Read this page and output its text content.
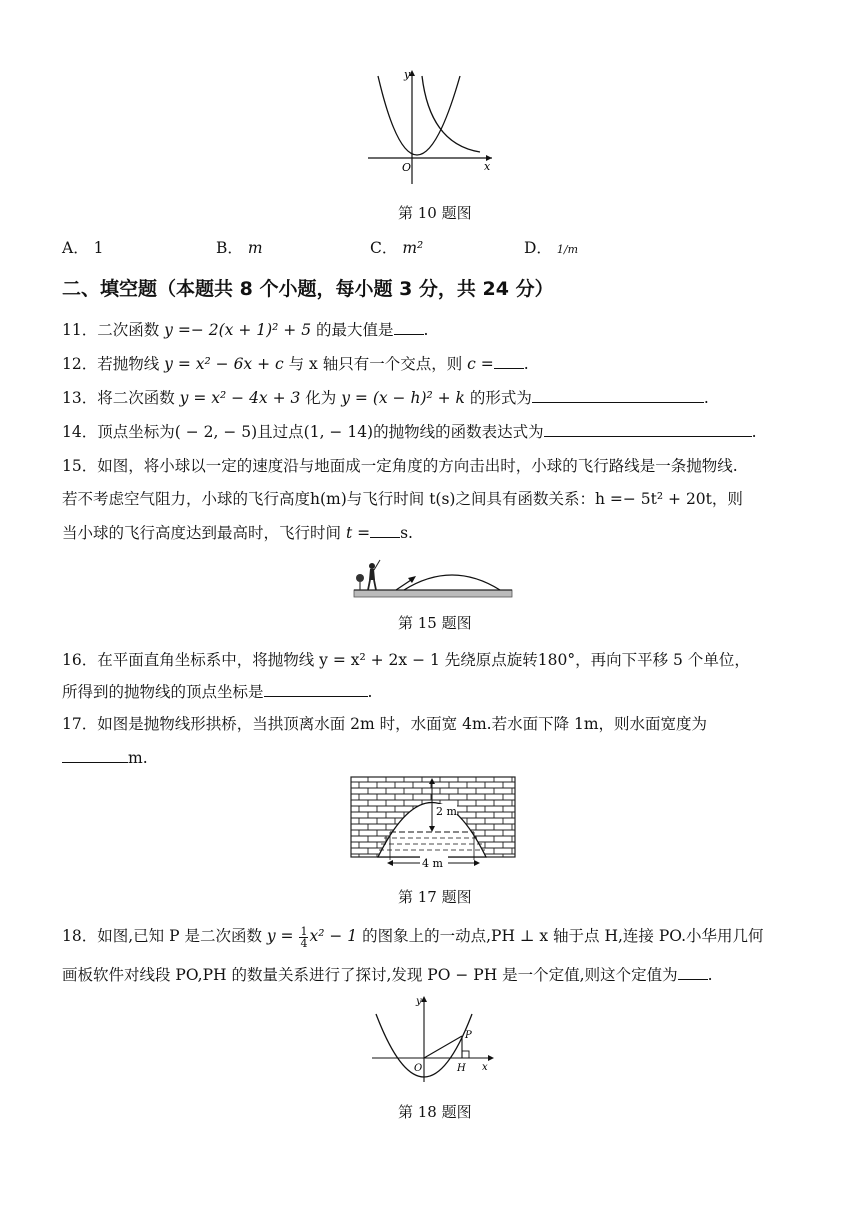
y
x
O
第 10 题图
A． 1	B． m	C． m²	D． 1/m
二、填空题（本题共 8 个小题，每小题 3 分，共 24 分）
11．二次函数 y =− 2(x + 1)² + 5 的最大值是 .
12．若抛物线 y = x² − 6x + c 与 x 轴只有一个交点，则 c = .
13．将二次函数 y = x² − 4x + 3 化为 y = (x − h)² + k 的形式为	.
14．顶点坐标为( − 2, − 5)且过点(1, − 14)的抛物线的函数表达式为	.
15．如图，将小球以一定的速度沿与地面成一定角度的方向击出时，小球的飞行路线是一条抛物线.
若不考虑空气阻力，小球的飞行高度h(m)与飞行时间 t(s)之间具有函数关系：h =− 5t² + 20t，则
当小球的飞行高度达到最高时，飞行时间 t = s.
第 15 题图
16．在平面直角坐标系中，将抛物线 y = x² + 2x − 1 先绕原点旋转180°，再向下平移 5 个单位，
所得到的抛物线的顶点坐标是	.
17．如图是抛物线形拱桥，当拱顶离水面 2m 时，水面宽 4m.若水面下降 1m，则水面宽度为
m.
2 m
4 m
第 17 题图
18．如图,已知 P 是二次函数 $y = \frac{1}{4} x^2 - 1$ 的图象上的一动点,PH ⊥ x 轴于点 H,连接 PO.小华用几何
画板软件对线段 PO,PH 的数量关系进行了探讨,发现 PO − PH 是一个定值,则这个定值为 .
y
x
O
P
H
第 18 题图
